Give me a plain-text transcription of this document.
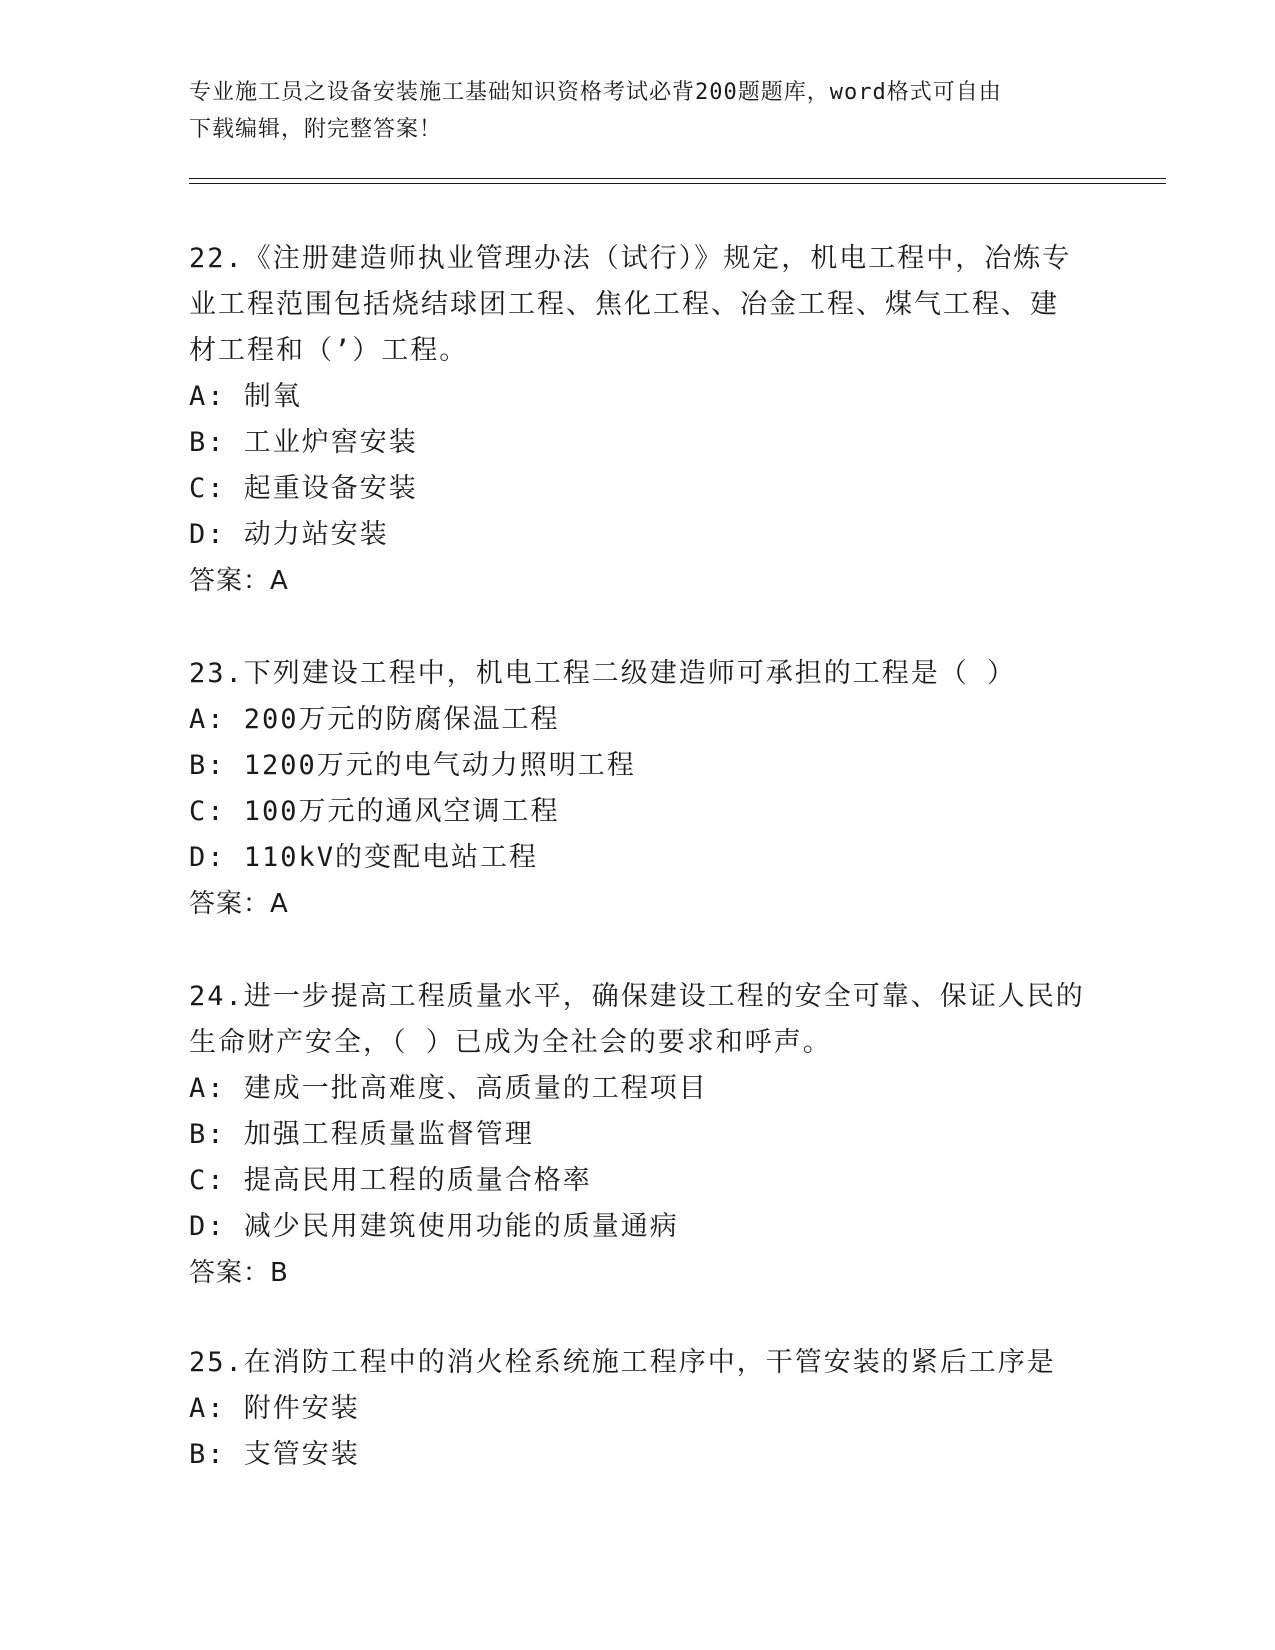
专业施工员之设备安装施工基础知识资格考试必背200题题库，word格式可自由
下载编辑，附完整答案！

22.《注册建造师执业管理办法（试行）》规定，机电工程中，冶炼专

业工程范围包括烧结球团工程、焦化工程、冶金工程、煤气工程、建

材工程和（’）工程。

A: 制氧

B: 工业炉窖安装

C: 起重设备安装

D: 动力站安装

答案：A

23.下列建设工程中，机电工程二级建造师可承担的工程是（ ）

A: 200万元的防腐保温工程

B: 1200万元的电气动力照明工程

C: 100万元的通风空调工程

D: 110kV的变配电站工程

答案：A

24.进一步提高工程质量水平，确保建设工程的安全可靠、保证人民的

生命财产安全，（ ）已成为全社会的要求和呼声。

A: 建成一批高难度、高质量的工程项目

B: 加强工程质量监督管理

C: 提高民用工程的质量合格率

D: 减少民用建筑使用功能的质量通病

答案：B

25.在消防工程中的消火栓系统施工程序中，干管安装的紧后工序是

A: 附件安装

B: 支管安装
